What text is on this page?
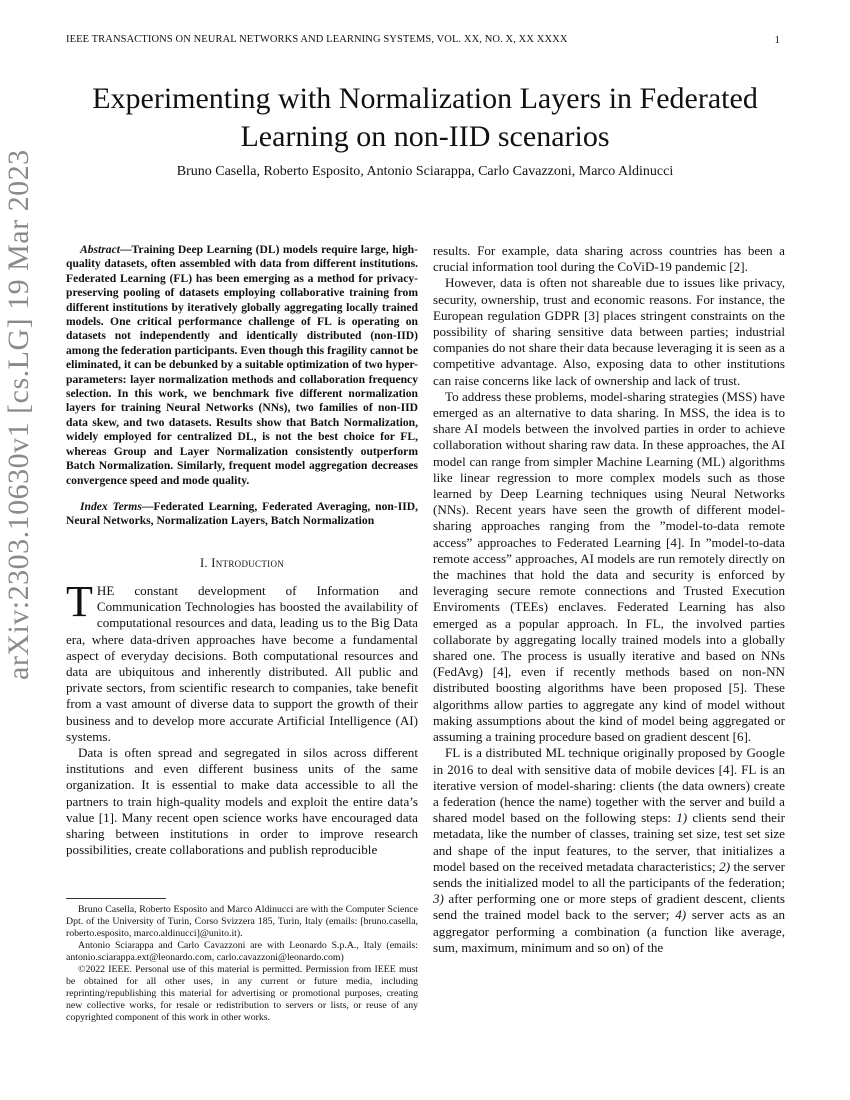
IEEE TRANSACTIONS ON NEURAL NETWORKS AND LEARNING SYSTEMS, VOL. XX, NO. X, XX XXXX	1
arXiv:2303.10630v1 [cs.LG] 19 Mar 2023
Experimenting with Normalization Layers in Federated Learning on non-IID scenarios
Bruno Casella, Roberto Esposito, Antonio Sciarappa, Carlo Cavazzoni, Marco Aldinucci

Abstract—Training Deep Learning (DL) models require large, high-quality datasets, often assembled with data from different institutions. Federated Learning (FL) has been emerging as a method for privacy-preserving pooling of datasets employing collaborative training from different institutions by iteratively globally aggregating locally trained models. One critical performance challenge of FL is operating on datasets not independently and identically distributed (non-IID) among the federation participants. Even though this fragility cannot be eliminated, it can be debunked by a suitable optimization of two hyper-parameters: layer normalization methods and collaboration frequency selection. In this work, we benchmark five different normalization layers for training Neural Networks (NNs), two families of non-IID data skew, and two datasets. Results show that Batch Normalization, widely employed for centralized DL, is not the best choice for FL, whereas Group and Layer Normalization consistently outperform Batch Normalization. Similarly, frequent model aggregation decreases convergence speed and mode quality.

Index Terms—Federated Learning, Federated Averaging, non-IID, Neural Networks, Normalization Layers, Batch Normalization

I. Introduction

THE constant development of Information and Communication Technologies has boosted the availability of computational resources and data, leading us to the Big Data era, where data-driven approaches have become a fundamental aspect of everyday decisions. Both computational resources and data are ubiquitous and inherently distributed. All public and private sectors, from scientific research to companies, take benefit from a vast amount of diverse data to support the growth of their business and to develop more accurate Artificial Intelligence (AI) systems.

Data is often spread and segregated in silos across different institutions and even different business units of the same organization. It is essential to make data accessible to all the partners to train high-quality models and exploit the entire data’s value [1]. Many recent open science works have encouraged data sharing between institutions in order to improve research possibilities, create collaborations and publish reproducible

Bruno Casella, Roberto Esposito and Marco Aldinucci are with the Computer Science Dpt. of the University of Turin, Corso Svizzera 185, Turin, Italy (emails: [bruno.casella, roberto.esposito, marco.aldinucci]@unito.it).

Antonio Sciarappa and Carlo Cavazzoni are with Leonardo S.p.A., Italy (emails: antonio.sciarappa.ext@leonardo.com, carlo.cavazzoni@leonardo.com)

©2022 IEEE. Personal use of this material is permitted. Permission from IEEE must be obtained for all other uses, in any current or future media, including reprinting/republishing this material for advertising or promotional purposes, creating new collective works, for resale or redistribution to servers or lists, or reuse of any copyrighted component of this work in other works.

results. For example, data sharing across countries has been a crucial information tool during the CoViD-19 pandemic [2].

However, data is often not shareable due to issues like privacy, security, ownership, trust and economic reasons. For instance, the European regulation GDPR [3] places stringent constraints on the possibility of sharing sensitive data between parties; industrial companies do not share their data because leveraging it is seen as a competitive advantage. Also, exposing data to other institutions can raise concerns like lack of ownership and lack of trust.

To address these problems, model-sharing strategies (MSS) have emerged as an alternative to data sharing. In MSS, the idea is to share AI models between the involved parties in order to achieve collaboration without sharing raw data. In these approaches, the AI model can range from simpler Machine Learning (ML) algorithms like linear regression to more complex models such as those learned by Deep Learning techniques using Neural Networks (NNs). Recent years have seen the growth of different model-sharing approaches ranging from the ”model-to-data remote access” approaches to Federated Learning [4]. In ”model-to-data remote access” approaches, AI models are run remotely directly on the machines that hold the data and security is enforced by leveraging secure remote connections and Trusted Execution Enviroments (TEEs) enclaves. Federated Learning has also emerged as a popular approach. In FL, the involved parties collaborate by aggregating locally trained models into a globally shared one. The process is usually iterative and based on NNs (FedAvg) [4], even if recently methods based on non-NN distributed boosting algorithms have been proposed [5]. These algorithms allow parties to aggregate any kind of model without making assumptions about the kind of model being aggregated or assuming a training procedure based on gradient descent [6].

FL is a distributed ML technique originally proposed by Google in 2016 to deal with sensitive data of mobile devices [4]. FL is an iterative version of model-sharing: clients (the data owners) create a federation (hence the name) together with the server and build a shared model based on the following steps: 1) clients send their metadata, like the number of classes, training set size, test set size and shape of the input features, to the server, that initializes a model based on the received metadata characteristics; 2) the server sends the initialized model to all the participants of the federation; 3) after performing one or more steps of gradient descent, clients send the trained model back to the server; 4) server acts as an aggregator performing a combination (a function like average, sum, maximum, minimum and so on) of the
